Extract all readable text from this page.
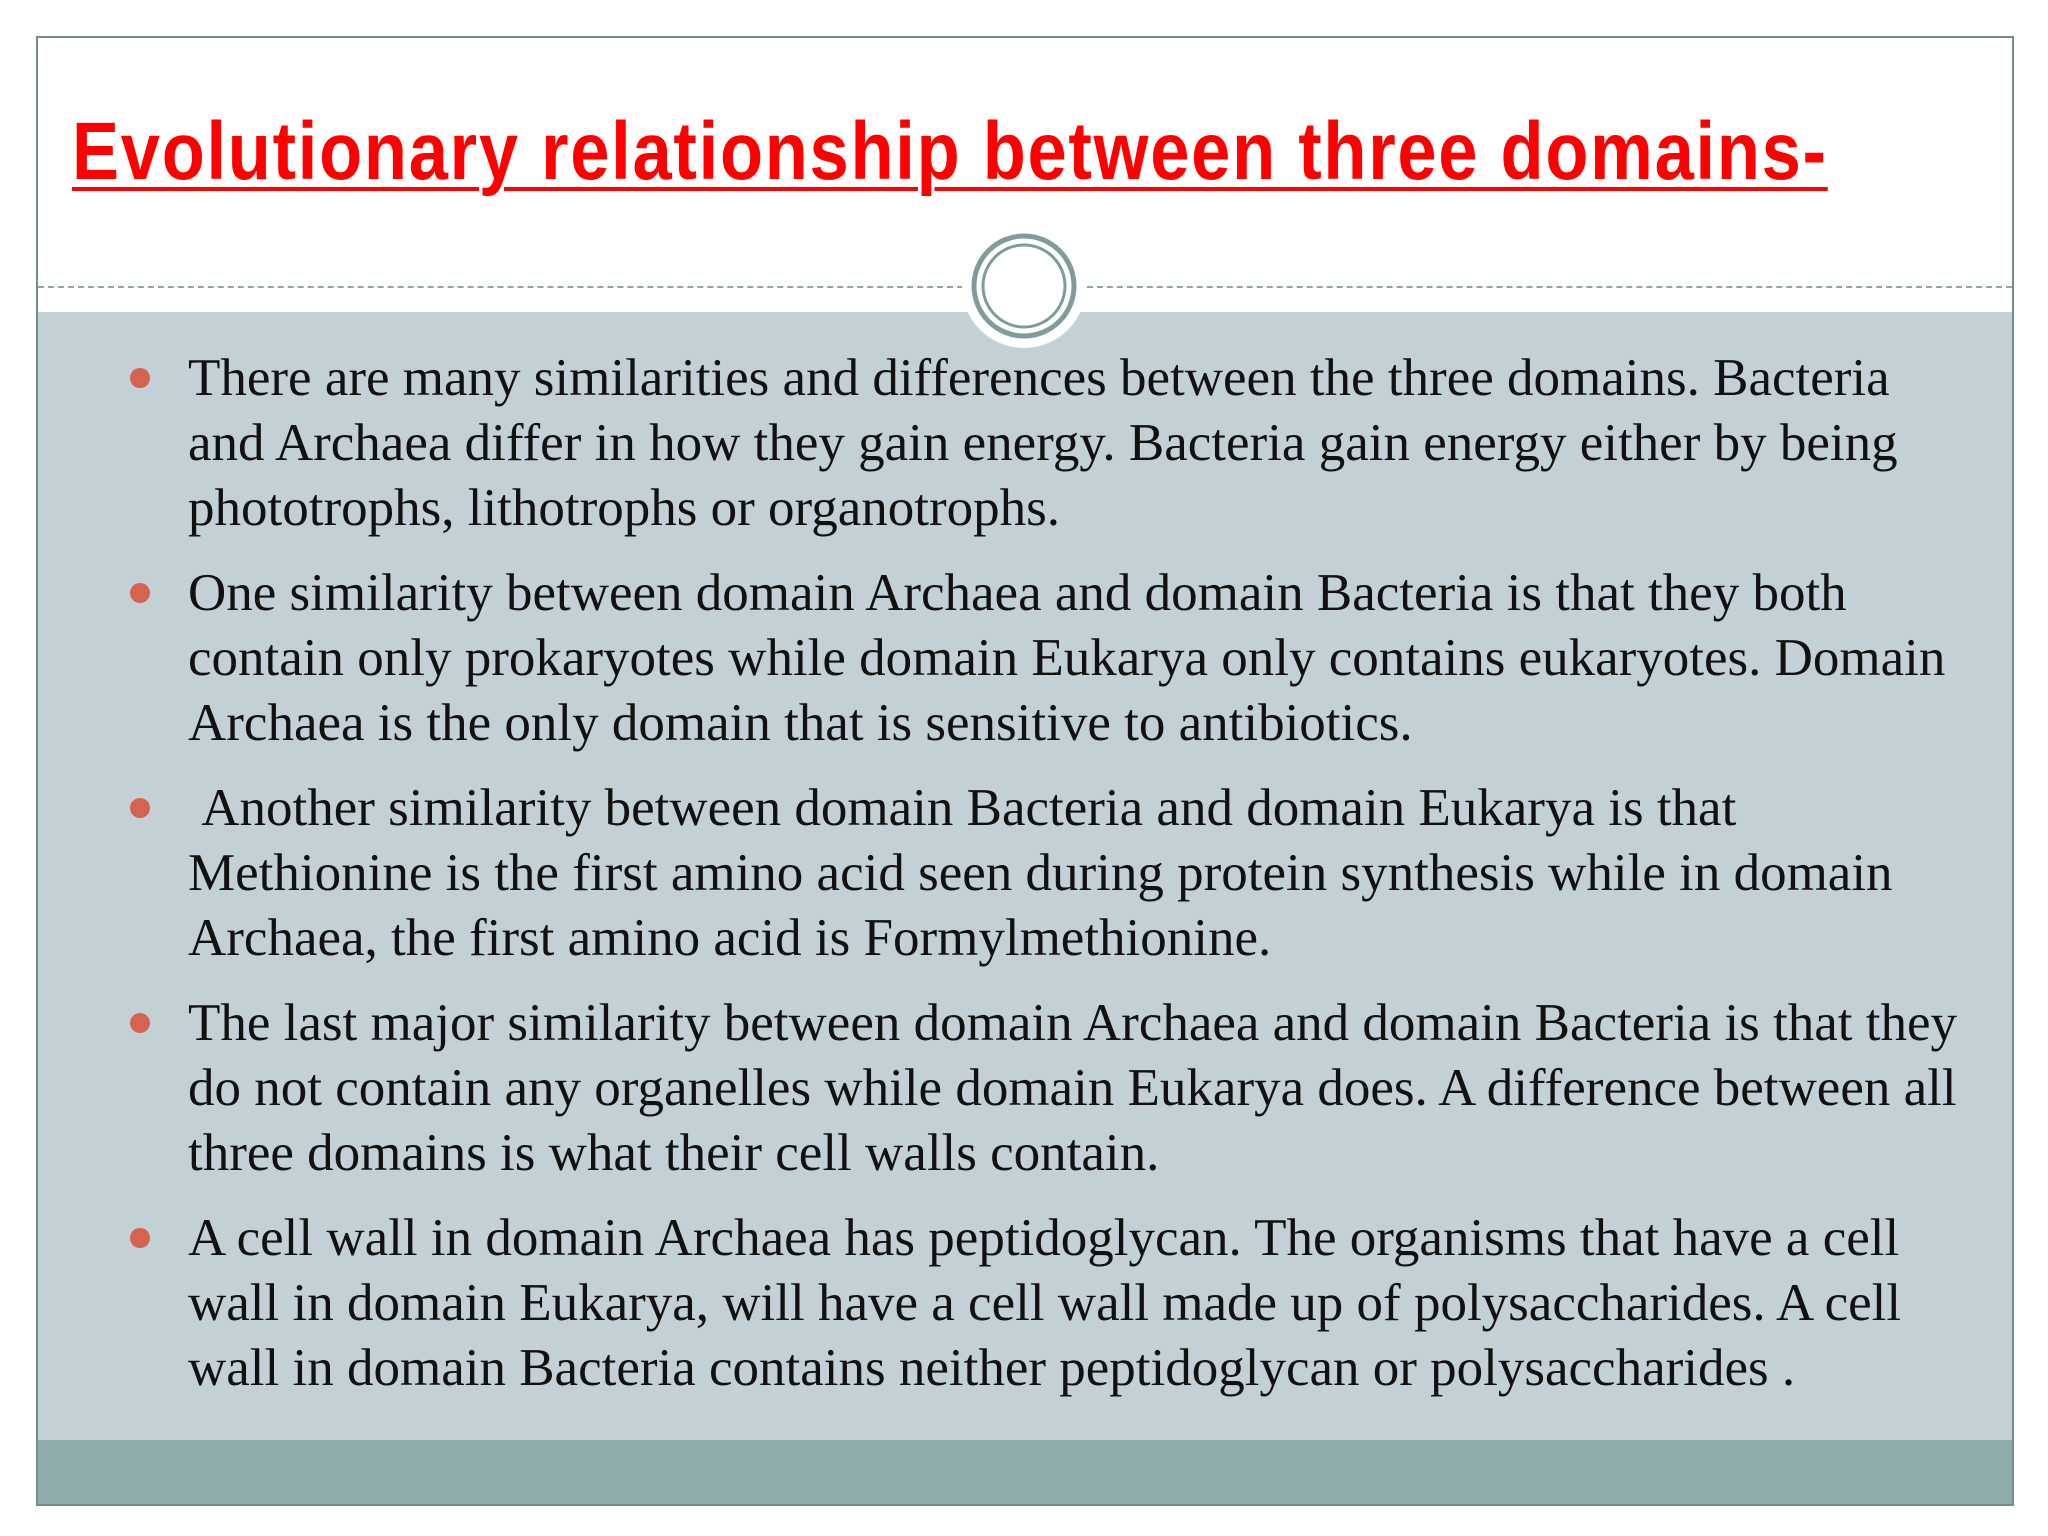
Evolutionary relationship between three domains-
There are many similarities and differences between the three domains. Bacteria and Archaea differ in how they gain energy. Bacteria gain energy either by being phototrophs, lithotrophs or organotrophs.
One similarity between domain Archaea and domain Bacteria is that they both contain only prokaryotes while domain Eukarya only contains eukaryotes. Domain Archaea is the only domain that is sensitive to antibiotics.
Another similarity between domain Bacteria and domain Eukarya is that Methionine is the first amino acid seen during protein synthesis while in domain Archaea, the first amino acid is Formylmethionine.
The last major similarity between domain Archaea and domain Bacteria is that they do not contain any organelles while domain Eukarya does. A difference between all three domains is what their cell walls contain.
A cell wall in domain Archaea has peptidoglycan. The organisms that have a cell wall in domain Eukarya, will have a cell wall made up of polysaccharides. A cell wall in domain Bacteria contains neither peptidoglycan or polysaccharides .
